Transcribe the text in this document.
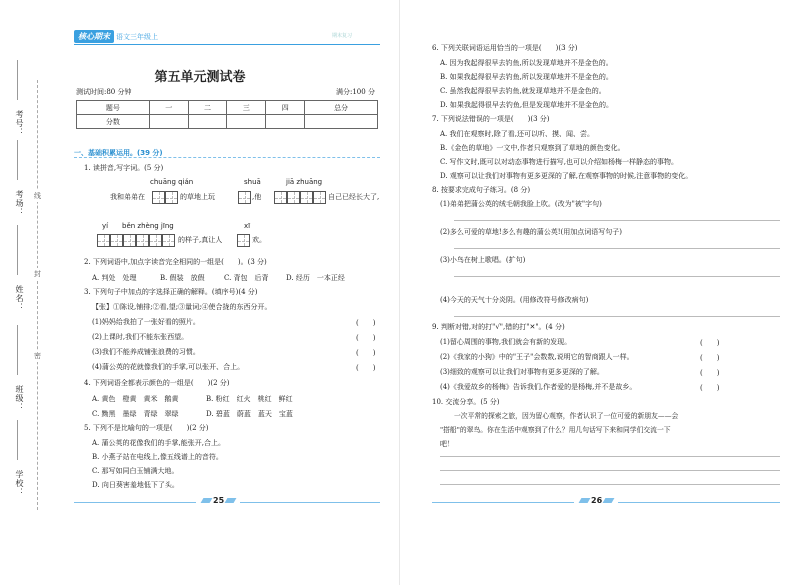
考号：
考场：
姓名：
班级：
学校：
线
封
密
核心期末 语文三年级上	期末复习
第五单元测试卷
测试时间:80 分钟	满分:100 分
题号	一	二	三	四	总分
分数					
一、基础积累运用。(39 分)
1. 读拼音,写字词。(5 分)
chuāng qián	shuā	jiā zhuāng
我和弟弟在	的草地上玩	,他	自己已经长大了,
yí běn zhèng jīng	xī
的样子,真让人	欢。
2. 下列词语中,加点字读音完全相同的一组是(　　)。(3 分)
A. 判处　处理	B. 假装　放假	C. 背包　后背 D. 经历　一本正经
3. 下列句子中加点的字选择正确的解释。(填序号)(4 分)
【张】①陈设,铺排;②看,望;③量词;④使合拢的东西分开。
(1)妈妈给我拍了一张好看的照片。	(　　)
(2)上课时,我们不能东张西望。	(　　)
(3)我们不能养成铺张浪费的习惯。	(　　)
(4)蒲公英的花就像我们的手掌,可以张开、合上。	(　　)
4. 下列词语全都表示颜色的一组是(　　)(2 分)
A. 黄色　橙黄　黄米　鹅黄	B. 粉红　红火　桃红　鲜红
C. 黝黑　墨绿　青绿　翠绿	D. 碧蓝　蔚蓝　蓝天　宝蓝
5. 下列不是比喻句的一项是(　　)(2 分)
A. 蒲公英的花像我们的手掌,能张开,合上。
B. 小燕子站在电线上,像五线谱上的音符。
C. 那写如同白玉铺满大地。
D. 向日葵害羞地低下了头。
25
6. 下列关联词语运用恰当的一项是(　　)(3 分)
A. 因为我起得很早去钓鱼,所以发现草地并不是金色的。
B. 如果我起得很早去钓鱼,所以发现草地并不是金色的。
C. 虽然我起得很早去钓鱼,就发现草地并不是金色的。
D. 如果我起得很早去钓鱼,但是发现草地并不是金色的。
7. 下列说法错误的一项是(　　)(3 分)
A. 我们在观察时,除了看,还可以听、摸、闻、尝。
B.《金色的草地》一文中,作者只观察到了草地的颜色变化。
C. 写作文时,既可以对动态事物进行描写,也可以介绍如杨梅一样静态的事物。
D. 观察可以让我们对事物有更多更深的了解,在观察事物的时候,注意事物的变化。
8. 按要求完成句子练习。(8 分)
(1)弟弟把蒲公英的绒毛朝我脸上吹。(改为"被"字句)
(2)多么可爱的草地!多么有趣的蒲公英!(用加点词语写句子)
(3)小鸟在树上歌唱。(扩句)
(4)今天的天气十分炎阴。(用修改符号修改病句)
9. 判断对错,对的打"√",错的打"✕"。(4 分)
(1)留心周围的事物,我们就会有新的发现。	(　　)
(2)《我家的小狗》中的"王子"会数数,说明它的智商跟人一样。	(　　)
(3)细致的观察可以让我们对事物有更多更深的了解。	(　　)
(4)《我爱故乡的杨梅》告诉我们,作者爱的是杨梅,并不是故乡。	(　　)
10. 交流分享。(5 分)
一次平常的探索之旅，因为留心观察，作者认识了一位可爱的新朋友——会
"搭船"的翠鸟。你在生活中观察到了什么？用几句话写下来和同学们交流一下
吧！
26
